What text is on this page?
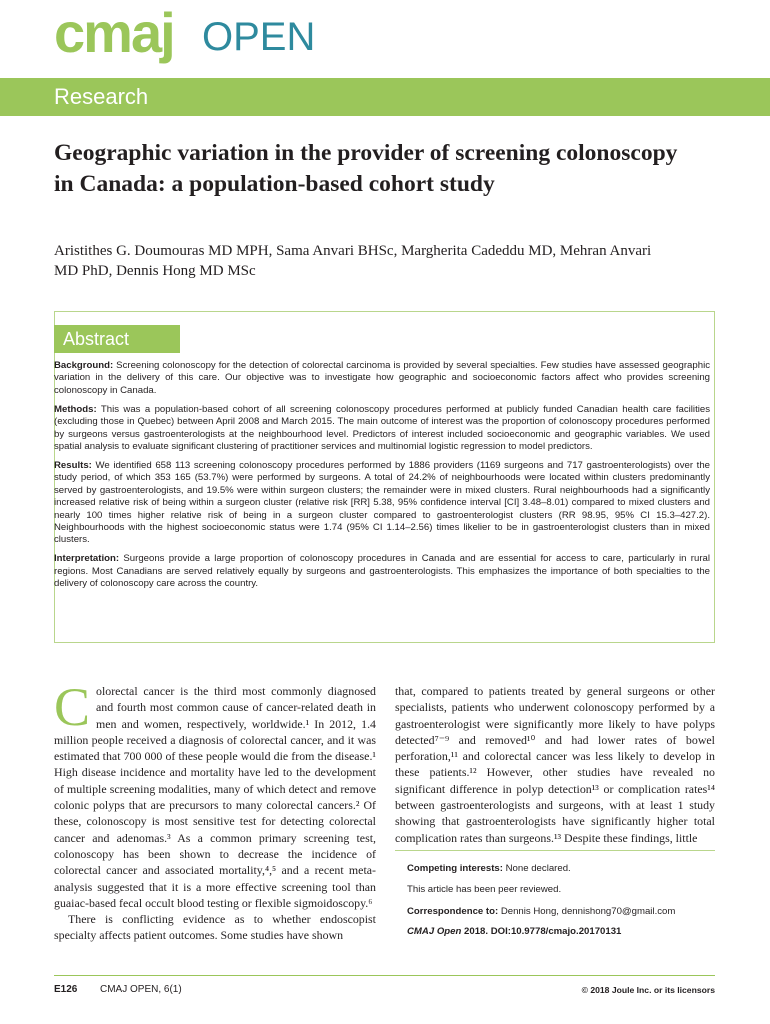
cmaj OPEN
Research
Geographic variation in the provider of screening colonoscopy in Canada: a population-based cohort study
Aristithes G. Doumouras MD MPH, Sama Anvari BHSc, Margherita Cadeddu MD, Mehran Anvari MD PhD, Dennis Hong MD MSc
Abstract

Background: Screening colonoscopy for the detection of colorectal carcinoma is provided by several specialties. Few studies have assessed geographic variation in the delivery of this care. Our objective was to investigate how geographic and socioeconomic factors affect who provides screening colonoscopy in Canada.

Methods: This was a population-based cohort of all screening colonoscopy procedures performed at publicly funded Canadian health care facilities (excluding those in Quebec) between April 2008 and March 2015. The main outcome of interest was the proportion of colonoscopy procedures performed by surgeons versus gastroenterologists at the neighbourhood level. Predictors of interest included socioeconomic and geographic variables. We used spatial analysis to evaluate significant clustering of practitioner services and multinomial logistic regression to model predictors.

Results: We identified 658 113 screening colonoscopy procedures performed by 1886 providers (1169 surgeons and 717 gastroenterologists) over the study period, of which 353 165 (53.7%) were performed by surgeons. A total of 24.2% of neighbourhoods were located within clusters predominantly served by gastroenterologists, and 19.5% were within surgeon clusters; the remainder were in mixed clusters. Rural neighbourhoods had a significantly increased relative risk of being within a surgeon cluster (relative risk [RR] 5.38, 95% confidence interval [CI] 3.48–8.01) compared to mixed clusters and nearly 100 times higher relative risk of being in a surgeon cluster compared to gastroenterologist clusters (RR 98.95, 95% CI 15.3–427.2). Neighbourhoods with the highest socioeconomic status were 1.74 (95% CI 1.14–2.56) times likelier to be in gastroenterologist clusters than in mixed clusters.

Interpretation: Surgeons provide a large proportion of colonoscopy procedures in Canada and are essential for access to care, particularly in rural regions. Most Canadians are served relatively equally by surgeons and gastroenterologists. This emphasizes the importance of both specialties to the delivery of colonoscopy care across the country.

Colorectal cancer is the third most commonly diagnosed and fourth most common cause of cancer-related death in men and women, respectively, worldwide.¹ In 2012, 1.4 million people received a diagnosis of colorectal cancer, and it was estimated that 700 000 of these people would die from the disease.¹ High disease incidence and mortality have led to the development of multiple screening modalities, many of which detect and remove colonic polyps that are precursors to many colorectal cancers.² Of these, colonoscopy is most sensitive test for detecting colorectal cancer and adenomas.³ As a common primary screening test, colonoscopy has been shown to decrease the incidence of colorectal cancer and associated mortality,⁴,⁵ and a recent meta-analysis suggested that it is a more effective screening tool than guaiac-based fecal occult blood testing or flexible sigmoidoscopy.⁶

There is conflicting evidence as to whether endoscopist specialty affects patient outcomes. Some studies have shown

that, compared to patients treated by general surgeons or other specialists, patients who underwent colonoscopy performed by a gastroenterologist were significantly more likely to have polyps detected⁷⁻⁹ and removed¹⁰ and had lower rates of bowel perforation,¹¹ and colorectal cancer was less likely to develop in these patients.¹² However, other studies have revealed no significant difference in polyp detection¹³ or complication rates¹⁴ between gastroenterologists and surgeons, with at least 1 study showing that gastroenterologists have significantly higher total complication rates than surgeons.¹³ Despite these findings, little

Competing interests: None declared.
This article has been peer reviewed.
Correspondence to: Dennis Hong, dennishong70@gmail.com
CMAJ Open 2018. DOI:10.9778/cmajo.20170131
E126 CMAJ OPEN, 6(1)	© 2018 Joule Inc. or its licensors
